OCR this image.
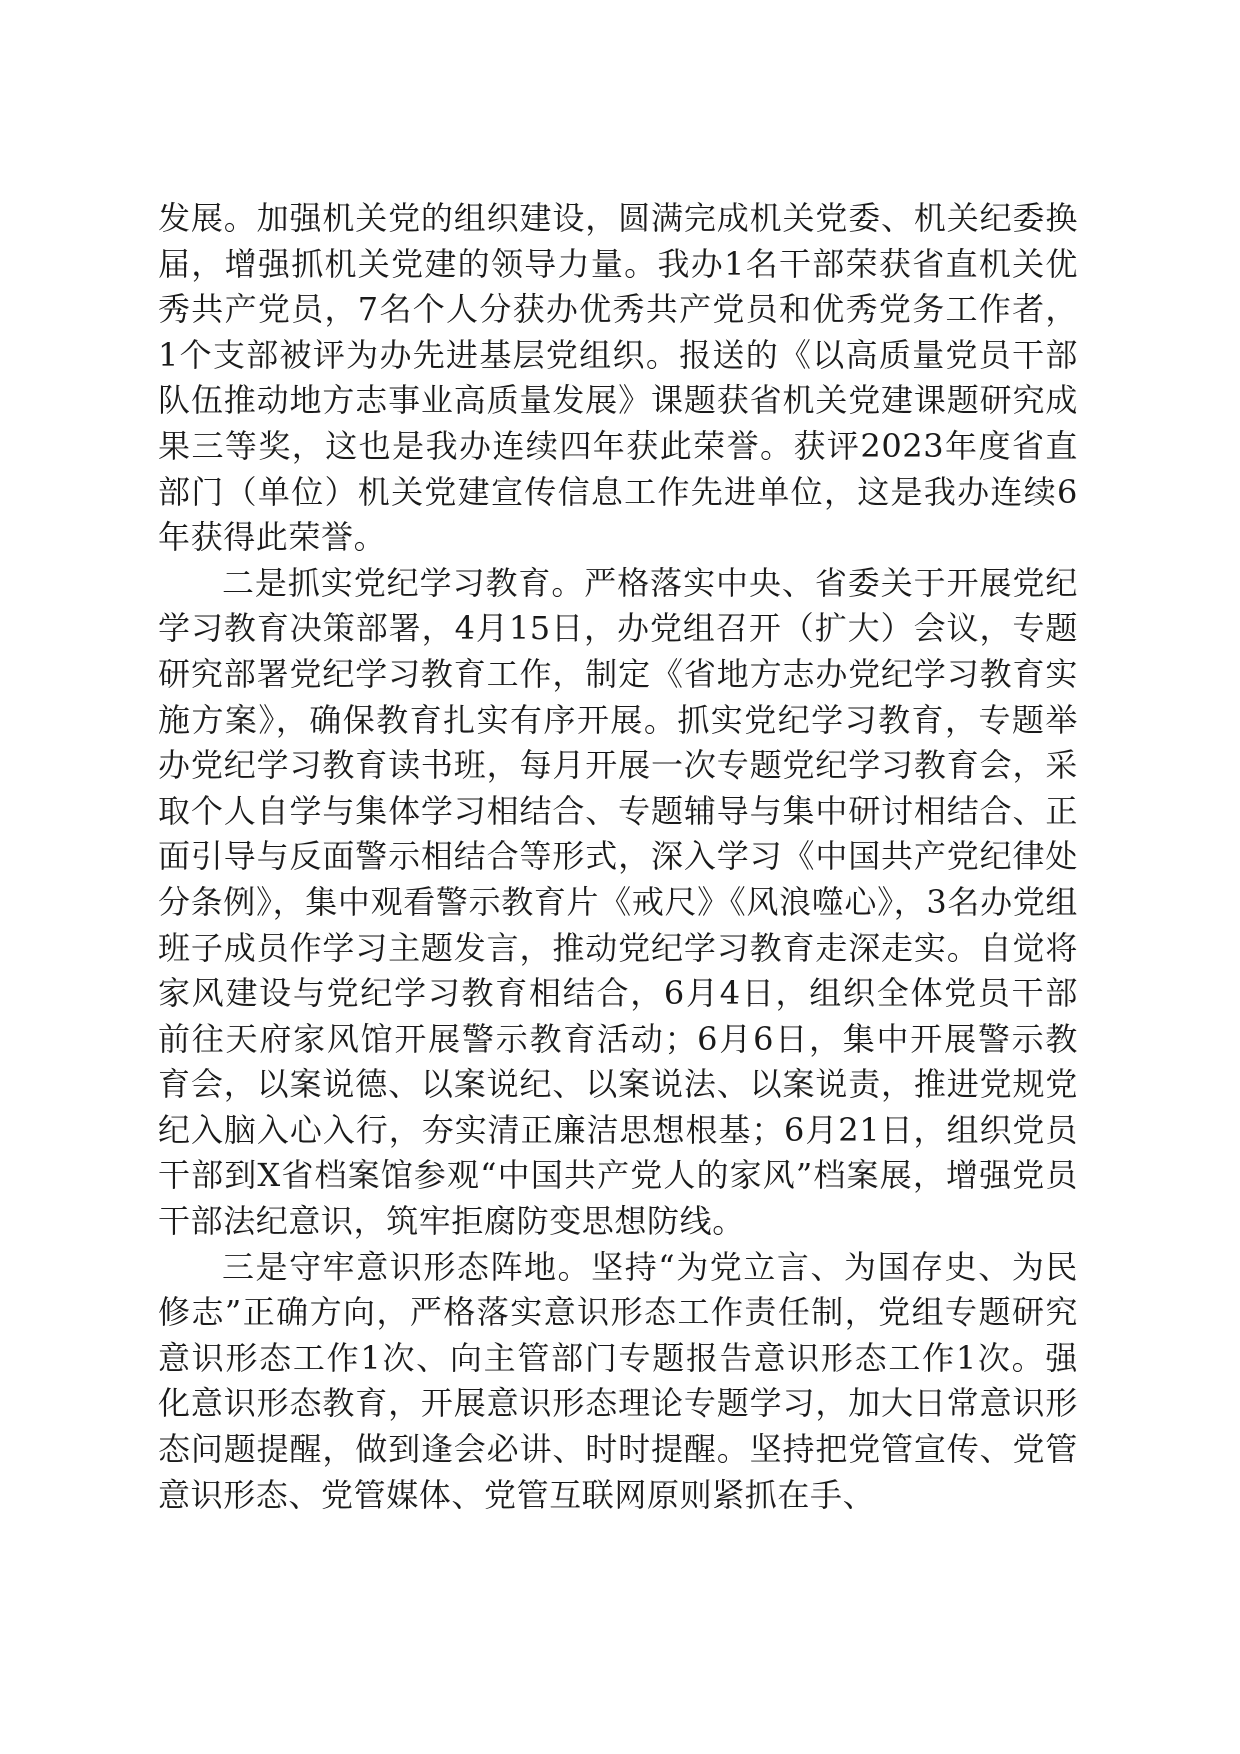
发展。加强机关党的组织建设，圆满完成机关党委、机关纪委换届，增强抓机关党建的领导力量。我办1名干部荣获省直机关优秀共产党员，7名个人分获办优秀共产党员和优秀党务工作者，1个支部被评为办先进基层党组织。报送的《以高质量党员干部队伍推动地方志事业高质量发展》课题获省机关党建课题研究成果三等奖，这也是我办连续四年获此荣誉。获评2023年度省直部门（单位）机关党建宣传信息工作先进单位，这是我办连续6年获得此荣誉。

二是抓实党纪学习教育。严格落实中央、省委关于开展党纪学习教育决策部署，4月15日，办党组召开（扩大）会议，专题研究部署党纪学习教育工作，制定《省地方志办党纪学习教育实施方案》，确保教育扎实有序开展。抓实党纪学习教育，专题举办党纪学习教育读书班，每月开展一次专题党纪学习教育会，采取个人自学与集体学习相结合、专题辅导与集中研讨相结合、正面引导与反面警示相结合等形式，深入学习《中国共产党纪律处分条例》，集中观看警示教育片《戒尺》《风浪噬心》，3名办党组班子成员作学习主题发言，推动党纪学习教育走深走实。自觉将家风建设与党纪学习教育相结合，6月4日，组织全体党员干部前往天府家风馆开展警示教育活动；6月6日，集中开展警示教育会，以案说德、以案说纪、以案说法、以案说责，推进党规党纪入脑入心入行，夯实清正廉洁思想根基；6月21日，组织党员干部到X省档案馆参观“中国共产党人的家风”档案展，增强党员干部法纪意识，筑牢拒腐防变思想防线。

三是守牢意识形态阵地。坚持“为党立言、为国存史、为民修志”正确方向，严格落实意识形态工作责任制，党组专题研究意识形态工作1次、向主管部门专题报告意识形态工作1次。强化意识形态教育，开展意识形态理论专题学习，加大日常意识形态问题提醒，做到逢会必讲、时时提醒。坚持把党管宣传、党管意识形态、党管媒体、党管互联网原则紧抓在手、
